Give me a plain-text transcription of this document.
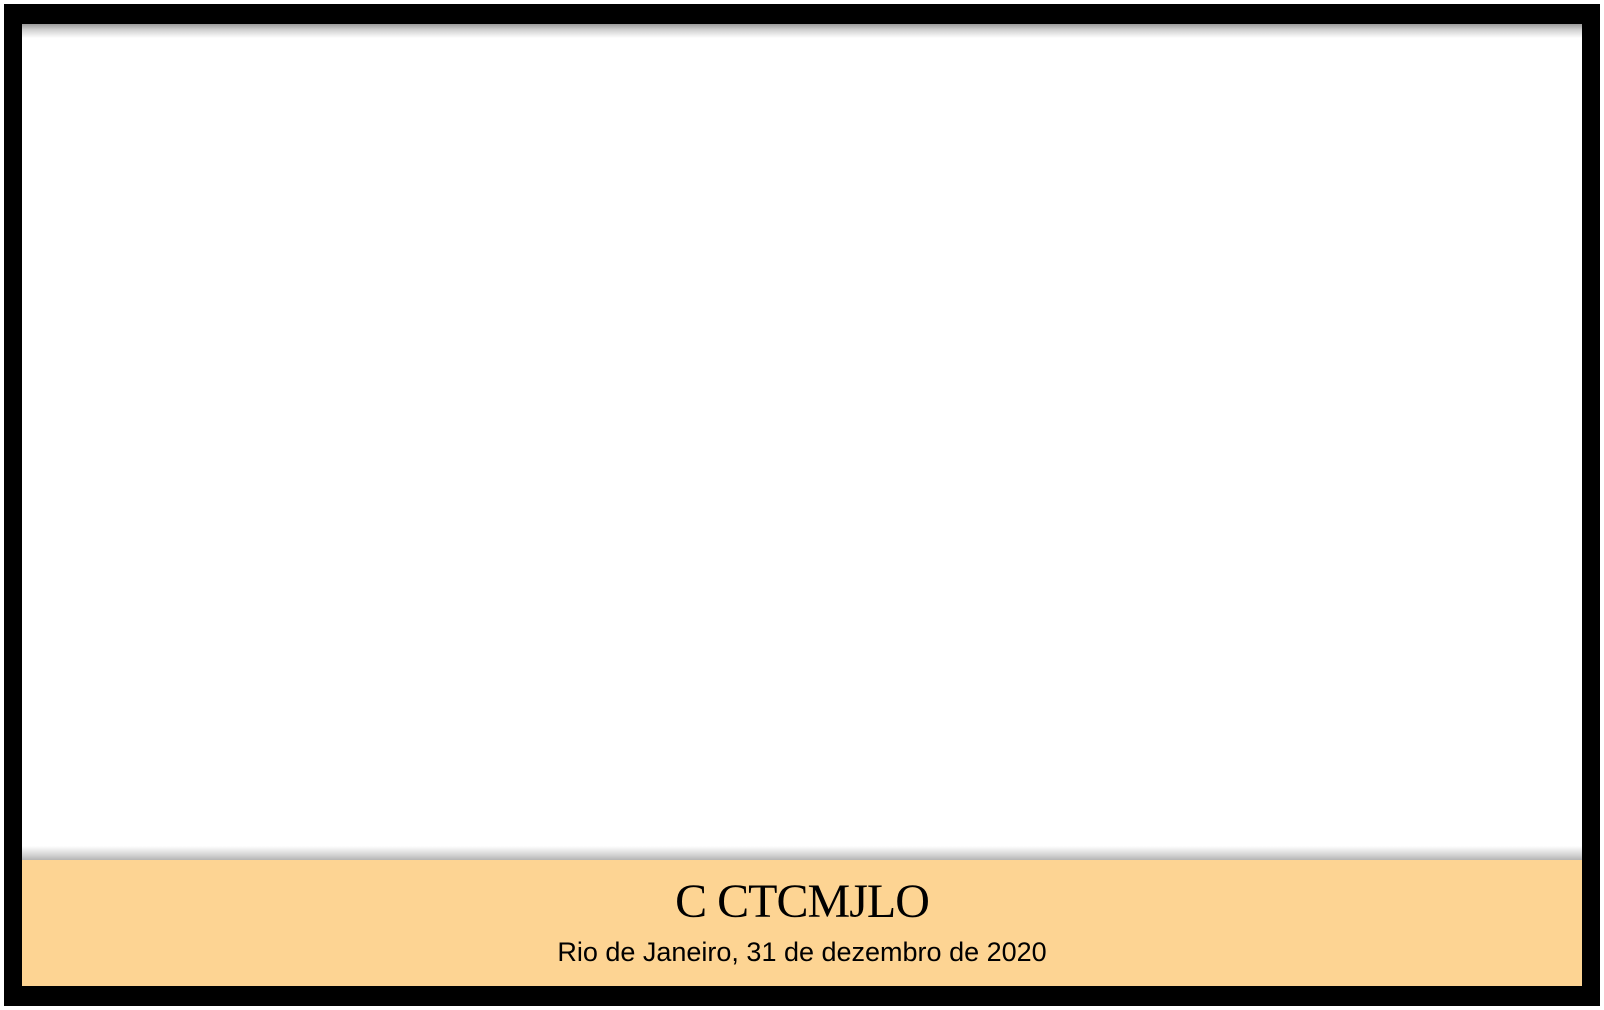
C CTCMJLO
Rio de Janeiro, 31 de dezembro de 2020
